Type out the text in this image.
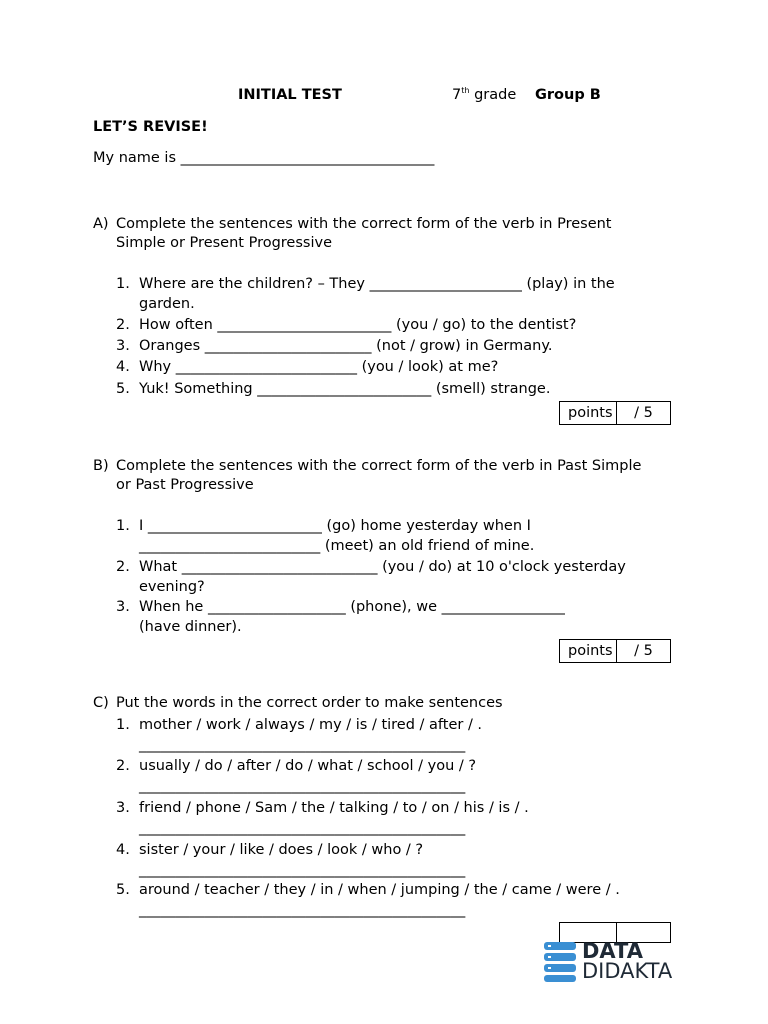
INITIAL TEST	7th grade Group B
LET’S REVISE!
My name is ___________________________________
A) Complete the sentences with the correct form of the verb in Present
Simple or Present Progressive
1. Where are the children? – They _____________________ (play) in the
garden.
2. How often ________________________ (you / go) to the dentist?
3. Oranges _______________________ (not / grow) in Germany.
4. Why _________________________ (you / look) at me?
5. Yuk! Something ________________________ (smell) strange.
points	/ 5
B) Complete the sentences with the correct form of the verb in Past Simple
or Past Progressive
1. I ________________________ (go) home yesterday when I
_________________________ (meet) an old friend of mine.
2. What ___________________________ (you / do) at 10 o'clock yesterday
evening?
3. When he ___________________ (phone), we _________________
(have dinner).
points	/ 5
C) Put the words in the correct order to make sentences
1. mother / work / always / my / is / tired / after / .
_____________________________________________
2. usually / do / after / do / what / school / you / ?
_____________________________________________
3. friend / phone / Sam / the / talking / to / on / his / is / .
_____________________________________________
4. sister / your / like / does / look / who / ?
_____________________________________________
5. around / teacher / they / in / when / jumping / the / came / were / .
_____________________________________________
DATA
DIDAKTA
